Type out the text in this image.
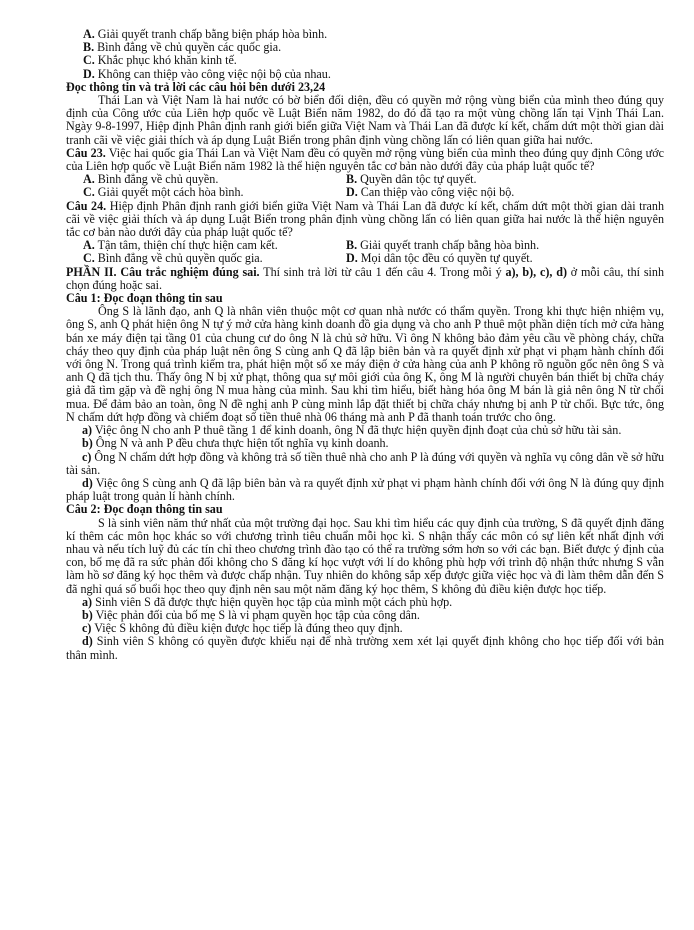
A. Giải quyết tranh chấp bằng biện pháp hòa bình.

B. Bình đẳng về chủ quyền các quốc gia.

C. Khắc phục khó khăn kinh tế.

D. Không can thiệp vào công việc nội bộ của nhau.

Đọc thông tin và trả lời các câu hỏi bên dưới 23,24

Thái Lan và Việt Nam là hai nước có bờ biển đối diện, đều có quyền mở rộng vùng biển của mình theo đúng quy định của Công ước của Liên hợp quốc về Luật Biển năm 1982, do đó đã tạo ra một vùng chồng lấn tại Vịnh Thái Lan. Ngày 9-8-1997, Hiệp định Phân định ranh giới biển giữa Việt Nam và Thái Lan đã được kí kết, chấm dứt một thời gian dài tranh cãi về việc giải thích và áp dụng Luật Biển trong phân định vùng chồng lấn có liên quan giữa hai nước.

Câu 23. Việc hai quốc gia Thái Lan và Việt Nam đều có quyền mở rộng vùng biển của mình theo đúng quy định Công ước của Liên hợp quốc về Luật Biển năm 1982 là thể hiện nguyên tắc cơ bản nào dưới đây của pháp luật quốc tế?

A. Bình đẳng về chủ quyền.	B. Quyền dân tộc tự quyết.
C. Giải quyết một cách hòa bình.	D. Can thiệp vào công việc nội bộ.

Câu 24. Hiệp định Phân định ranh giới biển giữa Việt Nam và Thái Lan đã được kí kết, chấm dứt một thời gian dài tranh cãi về việc giải thích và áp dụng Luật Biển trong phân định vùng chồng lấn có liên quan giữa hai nước là thể hiện nguyên tắc cơ bản nào dưới đây của pháp luật quốc tế?

A. Tận tâm, thiện chí thực hiện cam kết.	B. Giải quyết tranh chấp bằng hòa bình.
C. Bình đẳng về chủ quyền quốc gia.	D. Mọi dân tộc đều có quyền tự quyết.

PHẦN II. Câu trắc nghiệm đúng sai. Thí sinh trả lời từ câu 1 đến câu 4. Trong mỗi ý a), b), c), d) ở mỗi câu, thí sinh chọn đúng hoặc sai.

Câu 1: Đọc đoạn thông tin sau

Ông S là lãnh đạo, anh Q là nhân viên thuộc một cơ quan nhà nước có thẩm quyền. Trong khi thực hiện nhiệm vụ, ông S, anh Q phát hiện ông N tự ý mở cửa hàng kinh doanh đồ gia dụng và cho anh P thuê một phần diện tích mở cửa hàng bán xe máy điện tại tầng 01 của chung cư do ông N là chủ sở hữu. Vì ông N không bảo đảm yêu cầu về phòng cháy, chữa cháy theo quy định của pháp luật nên ông S cùng anh Q đã lập biên bản và ra quyết định xử phạt vi phạm hành chính đối với ông N. Trong quá trình kiểm tra, phát hiện một số xe máy điện ở cửa hàng của anh P không rõ nguồn gốc nên ông S và anh Q đã tịch thu. Thấy ông N bị xử phạt, thông qua sự môi giới của ông K, ông M là người chuyên bán thiết bị chữa cháy giả đã tìm gặp và đề nghị ông N mua hàng của mình. Sau khi tìm hiểu, biết hàng hóa ông M bán là giả nên ông N từ chối mua. Để đảm bảo an toàn, ông N đề nghị anh P cùng mình lắp đặt thiết bị chữa cháy nhưng bị anh P từ chối. Bực tức, ông N chấm dứt hợp đồng và chiếm đoạt số tiền thuê nhà 06 tháng mà anh P đã thanh toán trước cho ông.

a) Việc ông N cho anh P thuê tầng 1 để kinh doanh, ông N đã thực hiện quyền định đoạt của chủ sở hữu tài sản.

b) Ông N và anh P đều chưa thực hiện tốt nghĩa vụ kinh doanh.

c) Ông N chấm dứt hợp đồng và không trả số tiền thuê nhà cho anh P là đúng với quyền và nghĩa vụ công dân về sở hữu tài sản.

d) Việc ông S cùng anh Q đã lập biên bản và ra quyết định xử phạt vi phạm hành chính đối với ông N là đúng quy định pháp luật trong quản lí hành chính.

Câu 2: Đọc đoạn thông tin sau

S là sinh viên năm thứ nhất của một trường đại học. Sau khi tìm hiểu các quy định của trường, S đã quyết định đăng kí thêm các môn học khác so với chương trình tiêu chuẩn mỗi học kì. S nhận thấy các môn có sự liên kết nhất định với nhau và nếu tích luỹ đủ các tín chỉ theo chương trình đào tạo có thể ra trường sớm hơn so với các bạn. Biết được ý định của con, bố mẹ đã ra sức phản đối không cho S đăng kí học vượt với lí do không phù hợp với trình độ nhận thức nhưng S vẫn làm hồ sơ đăng ký học thêm và được chấp nhận. Tuy nhiên do không sắp xếp được giữa việc học và đi làm thêm dẫn đến S đã nghỉ quá số buổi học theo quy định nên sau một năm đăng ký học thêm, S không đủ điều kiện được học tiếp.

a) Sinh viên S đã được thực hiện quyền học tập của mình một cách phù hợp.

b) Việc phản đối của bố mẹ S là vi phạm quyền học tập của công dân.

c) Việc S không đủ điều kiện được học tiếp là đúng theo quy định.

d) Sinh viên S không có quyền được khiếu nại để nhà trường xem xét lại quyết định không cho học tiếp đối với bản thân mình.
